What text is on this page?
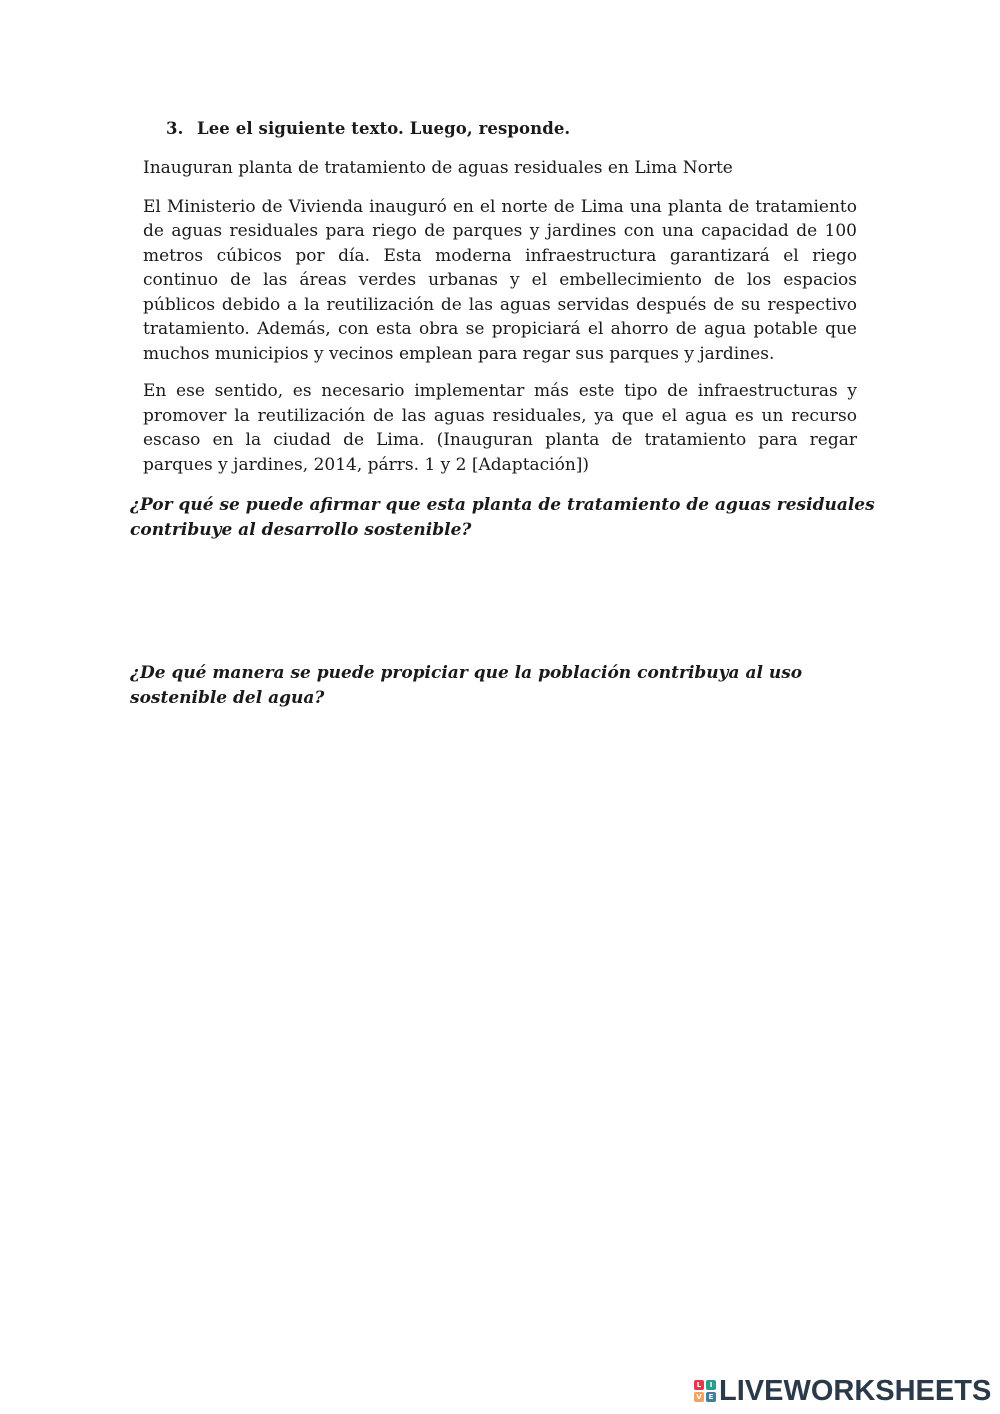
3. Lee el siguiente texto. Luego, responde.
Inauguran planta de tratamiento de aguas residuales en Lima Norte

El Ministerio de Vivienda inauguró en el norte de Lima una planta de tratamiento de aguas residuales para riego de parques y jardines con una capacidad de 100 metros cúbicos por día. Esta moderna infraestructura garantizará el riego continuo de las áreas verdes urbanas y el embellecimiento de los espacios públicos debido a la reutilización de las aguas servidas después de su respectivo tratamiento. Además, con esta obra se propiciará el ahorro de agua potable que muchos municipios y vecinos emplean para regar sus parques y jardines.

En ese sentido, es necesario implementar más este tipo de infraestructuras y promover la reutilización de las aguas residuales, ya que el agua es un recurso escaso en la ciudad de Lima. (Inauguran planta de tratamiento para regar parques y jardines, 2014, párrs. 1 y 2 [Adaptación])

¿Por qué se puede afirmar que esta planta de tratamiento de aguas residuales contribuye al desarrollo sostenible?
¿De qué manera se puede propiciar que la población contribuya al uso sostenible del agua?
L	I
V E LIVEWORKSHEETS
